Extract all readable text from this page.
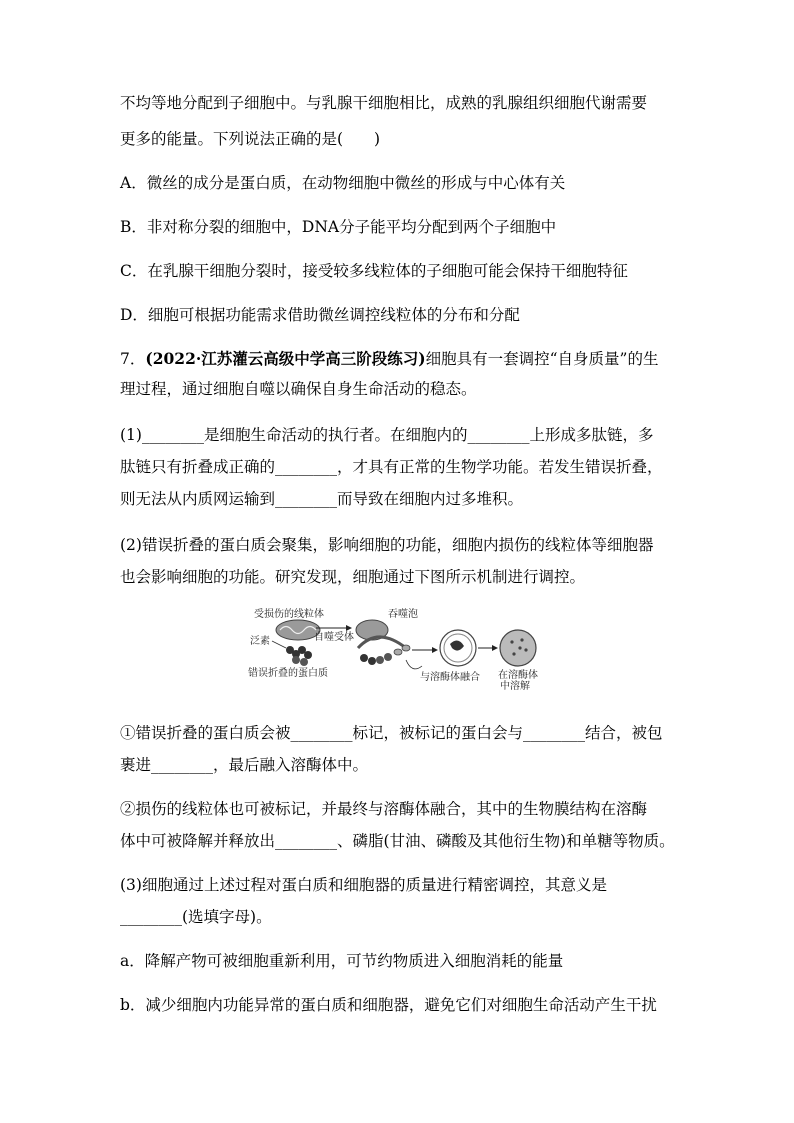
不均等地分配到子细胞中。与乳腺干细胞相比，成熟的乳腺组织细胞代谢需要
更多的能量。下列说法正确的是(　　)
A．微丝的成分是蛋白质，在动物细胞中微丝的形成与中心体有关
B．非对称分裂的细胞中，DNA分子能平均分配到两个子细胞中
C．在乳腺干细胞分裂时，接受较多线粒体的子细胞可能会保持干细胞特征
D．细胞可根据功能需求借助微丝调控线粒体的分布和分配
7．(2022·江苏灌云高级中学高三阶段练习)细胞具有一套调控“自身质量”的生
理过程，通过细胞自噬以确保自身生命活动的稳态。
(1)________是细胞生命活动的执行者。在细胞内的________上形成多肽链，多
肽链只有折叠成正确的________，才具有正常的生物学功能。若发生错误折叠，
则无法从内质网运输到________而导致在细胞内过多堆积。
(2)错误折叠的蛋白质会聚集，影响细胞的功能，细胞内损伤的线粒体等细胞器
也会影响细胞的功能。研究发现，细胞通过下图所示机制进行调控。
受损伤的线粒体
泛素
错误折叠的蛋白质
自噬受体
吞噬泡
与溶酶体融合 在溶酶体
中溶解
①错误折叠的蛋白质会被________标记，被标记的蛋白会与________结合，被包
裹进________，最后融入溶酶体中。
②损伤的线粒体也可被标记，并最终与溶酶体融合，其中的生物膜结构在溶酶
体中可被降解并释放出________、磷脂(甘油、磷酸及其他衍生物)和单糖等物质。
(3)细胞通过上述过程对蛋白质和细胞器的质量进行精密调控，其意义是
________(选填字母)。
a．降解产物可被细胞重新利用，可节约物质进入细胞消耗的能量
b．减少细胞内功能异常的蛋白质和细胞器，避免它们对细胞生命活动产生干扰
